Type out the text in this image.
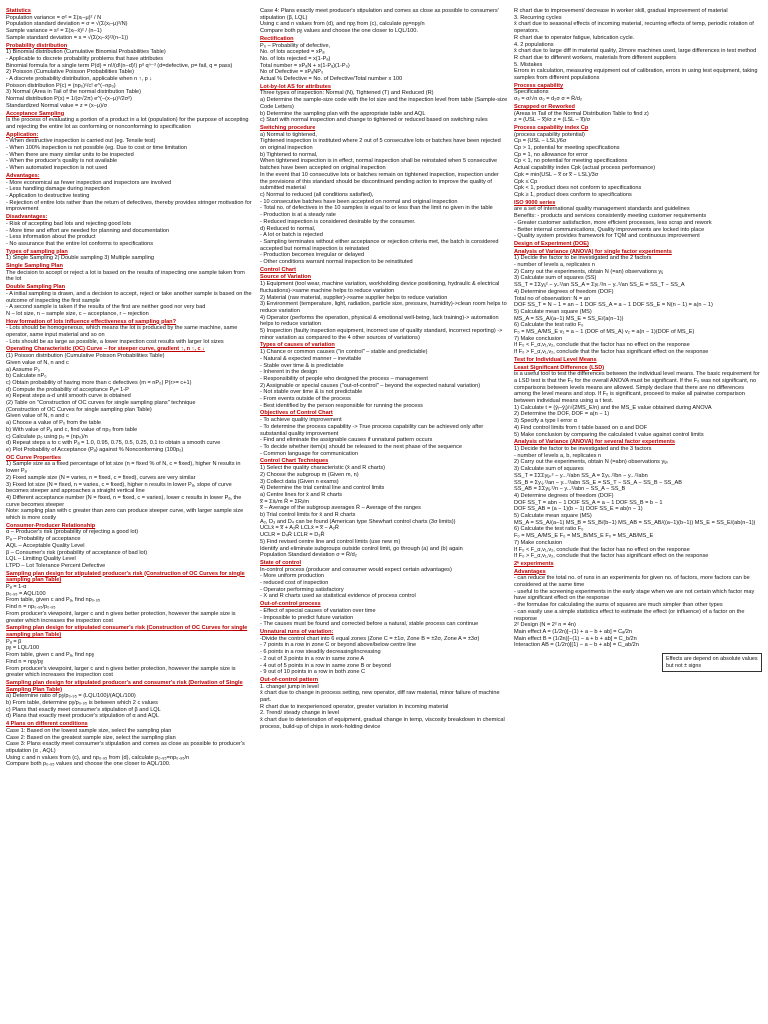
Statistics
Population variance = σ² = Σ(xᵢ−μ)² / N
Population standard deviation = σ = √(Σ(xᵢ−μ)²/N)
Sample variance = s² = Σ(xᵢ−x̄)² / (n−1)
Sample standard deviation = s = √(Σ(xᵢ−x̄)²/(n−1))
Probability distribution
1) Binomial distribution (Cumulative Binomial Probabilities Table)
- Applicable to discrete probability problems that have attributes
Binomial formula for a single term P(d) = n!/(d!(n−d)!) pᵈ qⁿ⁻ᵈ (d=defective, p= fail, q = pass)
2) Poisson (Cumulative Poisson Probabilities Table)
- A discrete probability distribution, applicable when n ↑, p ↓
Poisson distribution P(c) = (np₀)ᶜ/c! e^(−np₀)
3) Normal (Area in Tail of the normal distribution Table)
Normal distribution P(x) = 1/(σ√2π) e^(−(x−μ)²/2σ²)
Standardized Normal value = z = (x−μ)/σ
Acceptance Sampling
Is the process of evaluating a portion of a product in a lot (population) for the purpose of accepting and rejecting the entire lot as conforming or nonconforming to specification
Application:
- When destructive inspection is carried out (eg. Tensile test)
- When 100% inspection is not possible (eg. Due to cost or time limitation
- When there are many similar units to be inspected
- When the producer's quality is not available
- When automated inspection is not used
Advantages:
- More economical as fewer inspection and inspectors are involved
- Less handling damage during inspection
- Application to destructive testing
- Rejection of entire lots rather than the return of defectives, thereby provides stringer motivation for improvement
Disadvantages:
- Risk of accepting bad lots and rejecting good lots
- More time and effort are needed for planning and documentation
- Less information about the product
- No assurance that the entire lot conforms to specifications
Types of sampling plan
1) Single Sampling 2) Double sampling 3) Multiple sampling
Single Sampling Plan
The decision to accept or reject a lot is based on the results of inspecting one sample taken from the lot
Double Sampling Plan
- A initial sampling is drawn, and a decision to accept, reject or take another sample is based on the outcome of inspecting the first sample
- A second sample is taken if the results of the first are neither good nor very bad
N – lot size, n – sample size, c – acceptance, r – rejection
How formation of lots influence effectiveness of sampling plan?
- Lots should be homogeneous, which means the lot is produced by the same machine, same operator, same input material and so on
- Lots should be as large as possible, a lower inspection cost results with larger lot sizes
Operating Characteristic (OC) Curve – for steeper curve, gradient ↑, n ↑, c ↓
(1) Poisson distribution (Cumulative Poisson Probabilities Table)
Given value of N, n and c
a) Assume P₀
b) Calculate nP₀
c) Obtain probability of having more than c defectives (m = nP₀) P(r>= c+1)
d) Compute the probability of acceptance Pₐ= 1-P
e) Repeat steps a-d until smooth curve is obtained
(2) Table on "Construction of OC curves for single sampling plans" technique
(Construction of OC Curves for single sampling plan Table)
Given value of N, n and c
a) Choose a value of P₀ from the table
b) With value of Pₐ and c, find value of np₀ from table
c) Calculate p₀ using p₀ = (np₀)/n
d) Repeat steps a to c with Pₐ = 1.0, 0.95, 0.75, 0.5, 0.25, 0.1 to obtain a smooth curve
e) Plot Probability of Acceptance (Pₐ) against % Nonconforming (100p₀)
OC Curve Properties
1) Sample size as a fixed percentage of lot size (n = fixed % of N, c = fixed), higher N results in lower Pₐ
2) Fixed sample size (N = varies, n = fixed, c = fixed), curves are very similar
3) Fixed lot size (N = fixed, n = varies, c = fixed), higher n results in lower Pₐ, slope of curve becomes steeper and approaches a straight vertical line
4) Different acceptance number (N = fixed, n = fixed, c = varies), lower c results in lower Pₐ, the curve becomes steeper
Note: sampling plan with c greater than zero can produce steeper curve, with larger sample size which is more costly
Consumer-Producer Relationship
α – Producer's risk (probability of rejecting a good lot)
Pₐ – Probability of acceptance
AQL – Acceptable Quality Level
β – Consumer's risk (probability of acceptance of bad lot)
LQL – Limiting Quality Level
LTPD – Lot Tolerance Percent Defective
Sampling plan design for stipulated producer's risk (Construction of OC Curves for single sampling plan Table)
Pₐ = 1-α
p₀.₉₅ = AQL/100
From table, given c and Pₐ, find np₀.₉₅
Find n = np₀.₉₅/p₀.₉₅
From producer's viewpoint, larger c and n gives better protection, however the sample size is greater which increases the inspection cost
Sampling plan design for stipulated consumer's risk (Construction of OC Curves for single sampling plan Table)
Pₐ = β
pᵦ = LQL/100
From table, given c and Pₐ, find npᵦ
Find n = npᵦ/pᵦ
From producer's viewpoint, larger c and n gives better protection, however the sample size is greater which increases the inspection cost
Sampling plan design for stipulated producer's and consumer's risk (Derivation of Single Sampling Plan Table)
a) Determine ratio of pᵦ/p₀.₉₅ = (LQL/100)/(AQL/100)
b) From table, determine pᵦ/p₀.₉₅ is between which 2 c values
c) Plans that exactly meet consumer's stipulation of β and LQL
d) Plans that exactly meet producer's stipulation of α and AQL
4 Plans on different conditions
Case 1: Based on the lowest sample size, select the sampling plan
Case 2: Based on the greatest sample size, select the sampling plan
Case 3: Plans exactly meet consumer's stipulation and comes as close as possible to producer's stipulation (α , AQL)
Using c and n values from (c), and np₀.₉₅ from (d), calculate p₀.₉₅=np₀.₉₅/n
Compare both p₀.₉₅ values and choose the one closer to AQL/100.
Case 4: Plans exactly meet producer's stipulation and comes as close as possible to consumers' stipulation (β, LQL)
Using c and n values from (d), and npᵦ from (c), calculate pᵦ=npᵦ/n
Compare both pᵦ values and choose the one closer to LQL/100.
Rectification
P₀ – Probability of defective,
No. of lots accepted = xPₐ
No. of lots rejected = x(1-Pₐ)
Total number = xPₐN + x(1-Pₐ)(1-P₀)
No of Defective = xPₐNP₀
Actual % Defective = No. of Defective/Total number x 100
Lot-by-lot AS for attributes
Three types of inspection: Normal (N), Tightened (T) and Reduced (R)
a) Determine the sample-size code with the lot size and the inspection level from table (Sample-size Code Letters)
b) Determine the sampling plan with the appropriate table and AQL
c) Start with normal inspection and change to tightened or reduced based on switching rules
Switching procedure
a) Normal to tightened,
Tightened inspection is instituted where 2 out of 5 consecutive lots or batches have been rejected on original inspection
b) Tightened to normal,
When tightened inspection is in effect, normal inspection shall be reinstated when 5 consecutive batches have been accepted on original inspection
In the event that 10 consecutive lots or batches remain on tightened inspection, inspection under the provisions of this standard should be discontinued pending action to improve the quality of submitted material
c) Normal to reduced (all conditions satisfied),
- 10 consecutive batches have been accepted on normal and original inspection
- Total no. of defectives in the 10 samples is equal to or less than the limit no given in the table
- Production is at a steady rate
- Reduced inspection is considered desirable by the consumer.
d) Reduced to normal,
- A lot or batch is rejected
- Sampling terminates without either acceptance or rejection criteria met, the batch is considered accepted but normal inspection is reinstated
- Production becomes irregular or delayed
- Other conditions warrant normal inspection to be reinstituted
Control Chart
Source of Variation
1) Equipment (tool wear, machine variation, workholding device positioning, hydraulic & electrical fluctuations)->same machine helps to reduce variation
2) Material (raw material, supplier)->same supplier helps to reduce variation
3) Environment (temperature, light, radiation, particle size, pressure, humidity)->clean room helps to reduce variation
4) Operator (performs the operation, physical & emotional well-being, lack training)-> automation helps to reduce variation
5) Inspection (faulty inspection equipment, incorrect use of quality standard, incorrect reporting) -> minor variation as compared to the 4 other sources of variations)
Types of causes of variation
1) Chance or common causes ("in control" – stable and predictable)
- Natural & expected manner – inevitable
- Stable over time & is predictable
- Inherent in the design
- Responsibility of people who designed the process – management
2) Assignable or special causes ("out-of-control" – beyond the expected natural variation)
- Not stable over time & is not predictable
- From events outside of the process
- Best identified by the person responsible for running the process
Objectives of Control Chart
- To achieve quality improvement
- To determine the process capability -> True process capability can be achieved only after substantial quality improvement
- Find and eliminate the assignable causes if unnatural pattern occurs
- To decide whether item(s) should be released to the next phase of the sequence
- Common language for communication
Control Chart Techniques
1) Select the quality characteristic (x̄ and R charts)
2) Choose the subgroup m (Given m, n)
3) Collect data (Given n exams)
4) Determine the trial central line and control limits
a) Centre lines for x̄ and R charts
x̿ = Σx̄ᵢ/m R̄ = ΣRᵢ/m
x̿ – Average of the subgroup averages R̄ – Average of the ranges
b) Trial control limits for x̄ and R charts
A₂, D₃ and D₄ can be found (American type Shewhart control charts (3σ limits))
UCLx̄ = x̿ + A₂R̄ LCLx̄ = x̿ − A₂R̄
UCLR = D₄R̄ LCLR = D₃R̄
5) Find revised centre line and control limits (use new m)
Identify and eliminate subgroups outside control limit, go through (a) and (b) again
Population Standard deviation σ = R̄/d₂
State of control
In-control process (producer and consumer would expect certain advantages)
- More uniform production
- reduced cost of inspection
- Operator performing satisfactory
- X and R charts used as statistical evidence of process control
Out-of-control process
- Effect of special causes of variation over time
- Impossible to predict future variation
- The causes must be found and corrected before a natural, stable process can continue
Unnatural runs of variation:
-Divide the control chart into 6 equal zones (Zone C = ±1σ, Zone B = ±2σ, Zone A = ±3σ)
- 7 points in a row in zone C or beyond above/below centre line
- 6 points in a row steadily decreasing/increasing
- 2 out of 3 points in a row in same zone A
- 4 out of 5 points in a row in same zone B or beyond
- 9 out of 10 points in a row in both zone C
Out-of-control pattern
1. change/ jump in level
x̄ chart due to change in process setting, new operator, diff raw material, minor failure of machine part.
R chart due to inexperienced operator, greater variation in incoming material
2. Trend/ steady change in level
x̄ chart due to deterioration of equipment, gradual change in temp, viscosity breakdown in chemical process, build-up of chips in work-holding device
R chart due to improvement/ decrease in worker skill, gradual improvement of material
3. Recurring cycles
x̄ chart due to seasonal effects of incoming material, recurring effects of temp, periodic rotation of operators.
R chart due to operator fatigue, lubrication cycle.
4. 2 populations
x̄ chart due to large diff in material quality, 2/more machines used, large differences in test method
R chart due to different workers, materials from different suppliers
5. Mistakes
Errors in calculation, measuring equipment out of calibration, errors in using test equipment, taking samples from different populations
Process capability
Specifications
σ₀ = σ/√n σ₀ = d₂σ σ = R̄/d₂
Scrapped or Reworked
(Areas in Tail of the Normal Distribution Table to find z)
z = (USL − x̿)/σ z = (LSL − x̿)/σ
Process capability index Cp
(process capability potential)
Cp = (USL − LSL)/6σ
Cp > 1, potential for meeting specifications
Cp = 1, no allowance for error
Cp < 1, no potential for meeting specifications
Actual capability index Cpk (actual process performance)
Cpk = min(USL − x̿ or x̿ − LSL)/3σ
Cpk ≤ Cp
Cpk < 1, product does not conform to specifications
Cpk ≥ 1, product does conform to specifications
ISO 9000 series
are a set of international quality management standards and guidelines
Benefits: - products and services consistently meeting customer requirements
- Greater customer satisfaction, more efficient processes, less scrap and rework
- Better internal communications, Quality improvements are locked into place
- Quality system provides framework for TQM and continuous improvement
Design of Experiment (DOE)
Analysis of Variance (ANOVA) for single factor experiments
1) Decide the factor to be investigated and the 2 factors
- number of levels a, replicates n
2) Carry out the experiments, obtain N (=an) observations yᵢⱼ
3) Calculate sum of squares (SS)
SS_T = ΣΣyᵢⱼ² − y..²/an SS_A = Σyᵢ.²/n − y..²/an SS_E = SS_T − SS_A
4) Determine degrees of freedom (DOF)
Total no of observation: N = an
DOF SS_T = N − 1 = an − 1 DOF SS_A = a − 1 DOF SS_E = N(n − 1) = a(n − 1)
5) Calculate mean square (MS)
MS_A = SS_A/(a−1) MS_E = SS_E/(a(n−1))
6) Calculate the test ratio F₀
F₀ = MS_A/MS_E v₁ = a − 1 (DOF of MS_A) v₂ = a(n − 1)(DOF of MS_E)
7) Make conclusion
If F₀ < F_α,v₁,v₂, conclude that the factor has no effect on the response
If F₀ > F_α,v₁,v₂, conclude that the factor has significant effect on the response
Test for Individual Level Means
Least Significant Difference (LSD)
is a useful tool to test the differences between the individual level means. The basic requirement for a LSD test is that the F₀ for the overall ANOVA must be significant. If the F₀ was not significant, no comparisons between levels means are allowed. Simply declare that there are no differences among the level means and stop. If F₀ is significant, proceed to make all pairwise comparison between individual means using a t test.
1) Calculate t = (ȳᵢ−ȳⱼ)/√(2MS_E/n) and the MS_E value obtained during ANOVA
2) Determine the DOF, DOF = a(n − 1)
3) Specify a type I error α
4) Find control limits from t table based on α and DOF
5) Make conclusion by comparing the calculated t value against control limits
Analysis of Variance (ANOVA) for several factor experiments
1) Decide the factor to be investigated and the 3 factors
- number of levels a, b, replicates n
2) Carry out the experiments, obtain N (=abn) observations yᵢⱼₖ
3) Calculate sum of squares
SS_T = ΣΣΣyᵢⱼₖ² − y...²/abn SS_A = Σyᵢ..²/bn − y...²/abn
SS_B = Σy.ⱼ.²/an − y...²/abn SS_E = SS_T − SS_A − SS_B − SS_AB
SS_AB = ΣΣyᵢⱼ.²/n − y...²/abn − SS_A − SS_B
4) Determine degrees of freedom (DOF)
DOF SS_T = abn − 1 DOF SS_A = a − 1 DOF SS_B = b − 1
DOF SS_AB = (a − 1)(b − 1) DOF SS_E = ab(n − 1)
5) Calculate mean square (MS)
MS_A = SS_A/(a−1) MS_B = SS_B/(b−1) MS_AB = SS_AB/((a−1)(b−1)) MS_E = SS_E/(ab(n−1))
6) Calculate the test ratio F₀
F₀ = MS_A/MS_E F₀ = MS_B/MS_E F₀ = MS_AB/MS_E
7) Make conclusion
If F₀ < F_α,v₁,v₂, conclude that the factor has no effect on the response
If F₀ > F_α,v₁,v₂, conclude that the factor has significant effect on the response
2ᵏ experiments
Advantages
- can reduce the total no. of runs in an experiments for given no. of factors, more factors can be considered at the same time
- useful to the screening experiments in the early stage when we are not certain which factor may have significant effect on the response
- the formulae for calculating the sums of squares are much simpler than other types
- can easily use a simple statistics effect to estimate the effect (or influence) of a factor on the response
2² Design (N = 2² n = 4n)
Main effect A = (1/2n)[−(1) + a − b + ab] = Cₐ/2n
Main effect B = (1/2n)[−(1) − a + b + ab] = C_b/2n
Interaction AB = (1/2n)[(1) − a − b + ab] = C_ab/2n
Effects are depend on absolute values but not ± signs
